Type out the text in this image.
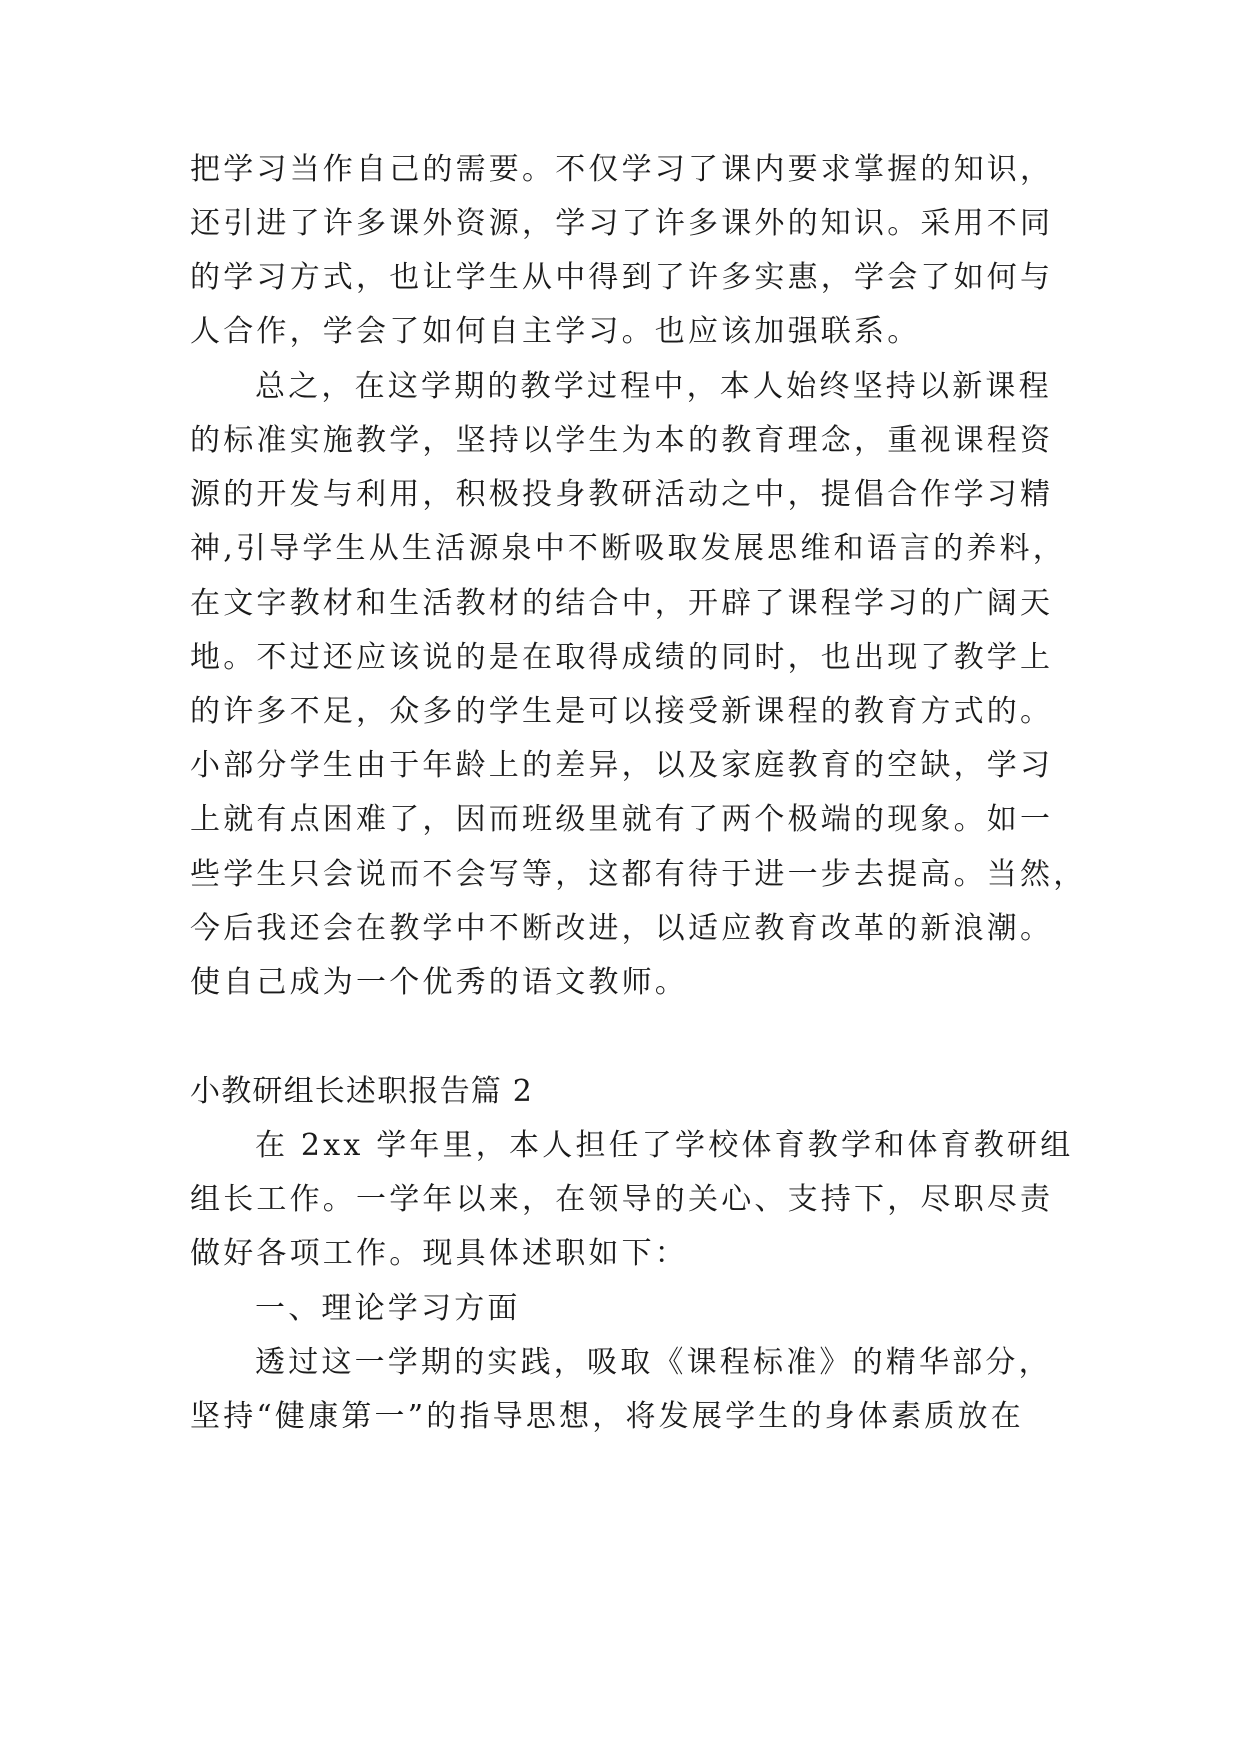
把学习当作自己的需要。不仅学习了课内要求掌握的知识，
还引进了许多课外资源，学习了许多课外的知识。采用不同
的学习方式，也让学生从中得到了许多实惠，学会了如何与
人合作，学会了如何自主学习。也应该加强联系。
总之，在这学期的教学过程中，本人始终坚持以新课程
的标准实施教学，坚持以学生为本的教育理念，重视课程资
源的开发与利用，积极投身教研活动之中，提倡合作学习精
神,引导学生从生活源泉中不断吸取发展思维和语言的养料，
在文字教材和生活教材的结合中，开辟了课程学习的广阔天
地。不过还应该说的是在取得成绩的同时，也出现了教学上
的许多不足，众多的学生是可以接受新课程的教育方式的。
小部分学生由于年龄上的差异，以及家庭教育的空缺，学习
上就有点困难了，因而班级里就有了两个极端的现象。如一
些学生只会说而不会写等，这都有待于进一步去提高。当然，
今后我还会在教学中不断改进，以适应教育改革的新浪潮。
使自己成为一个优秀的语文教师。
小教研组长述职报告篇 2
在 2xx 学年里，本人担任了学校体育教学和体育教研组
组长工作。一学年以来，在领导的关心、支持下，尽职尽责
做好各项工作。现具体述职如下：
一、理论学习方面
透过这一学期的实践，吸取《课程标准》的精华部分，
坚持“健康第一”的指导思想，将发展学生的身体素质放在
